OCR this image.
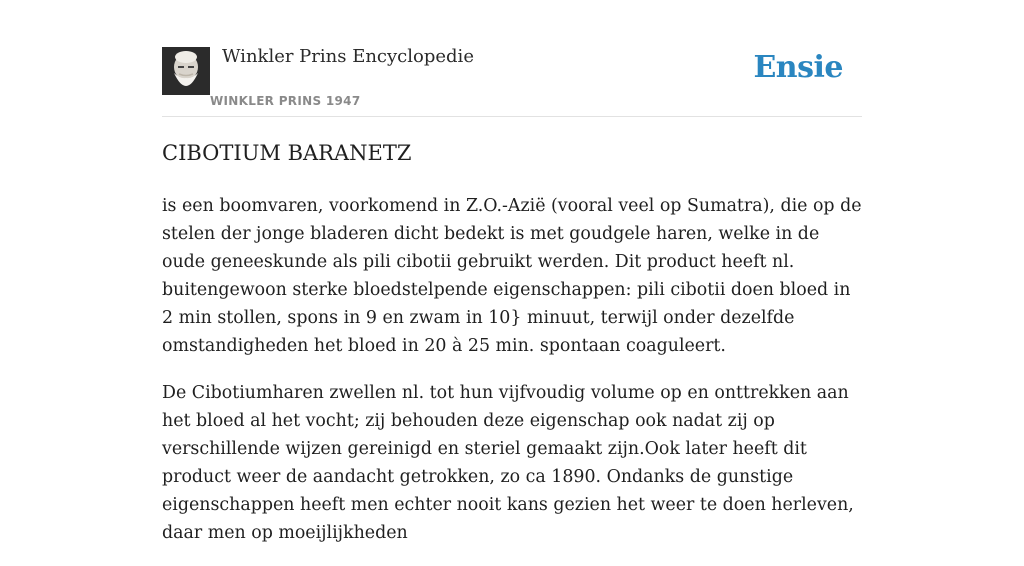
Winkler Prins Encyclopedie
WINKLER PRINS 1947
Ensie
CIBOTIUM BARANETZ

is een boomvaren, voorkomend in Z.O.-Azië (vooral veel op Sumatra), die op de stelen der jonge bladeren dicht bedekt is met goudgele haren, welke in de oude geneeskunde als pili cibotii gebruikt werden. Dit product heeft nl. buitengewoon sterke bloedstelpende eigenschappen: pili cibotii doen bloed in 2 min stollen, spons in 9 en zwam in 10} minuut, terwijl onder dezelfde omstandigheden het bloed in 20 à 25 min. spontaan coaguleert.

De Cibotiumharen zwellen nl. tot hun vijfvoudig volume op en onttrekken aan het bloed al het vocht; zij behouden deze eigenschap ook nadat zij op verschillende wijzen gereinigd en steriel gemaakt zijn.Ook later heeft dit product weer de aandacht getrokken, zo ca 1890. Ondanks de gunstige eigenschappen heeft men echter nooit kans gezien het weer te doen herleven, daar men op moeijlijkheden
